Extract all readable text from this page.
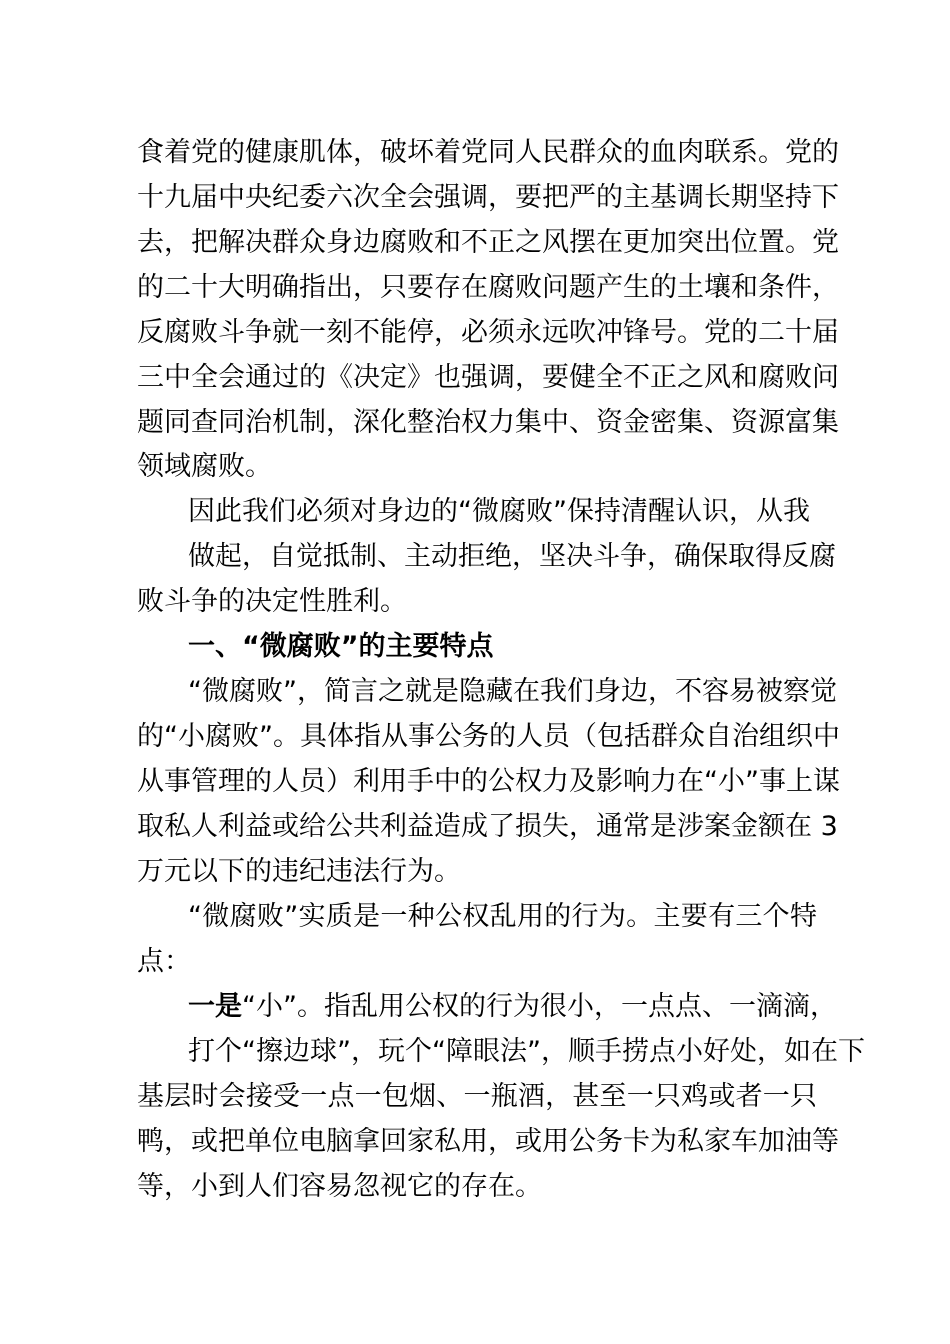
食着党的健康肌体，破坏着党同人民群众的血肉联系。党的
十九届中央纪委六次全会强调，要把严的主基调长期坚持下
去，把解决群众身边腐败和不正之风摆在更加突出位置。党
的二十大明确指出，只要存在腐败问题产生的土壤和条件，
反腐败斗争就一刻不能停，必须永远吹冲锋号。党的二十届
三中全会通过的《决定》也强调，要健全不正之风和腐败问
题同查同治机制，深化整治权力集中、资金密集、资源富集
领域腐败。
因此我们必须对身边的“微腐败”保持清醒认识，从我
做起，自觉抵制、主动拒绝，坚决斗争，确保取得反腐
败斗争的决定性胜利。
一、“微腐败”的主要特点
“微腐败”，简言之就是隐藏在我们身边，不容易被察觉
的“小腐败”。具体指从事公务的人员（包括群众自治组织中
从事管理的人员）利用手中的公权力及影响力在“小”事上谋
取私人利益或给公共利益造成了损失，通常是涉案金额在 3
万元以下的违纪违法行为。
“微腐败”实质是一种公权乱用的行为。主要有三个特
点：
一是“小”。指乱用公权的行为很小，一点点、一滴滴，
打个“擦边球”，玩个“障眼法”，顺手捞点小好处，如在下
基层时会接受一点一包烟、一瓶酒，甚至一只鸡或者一只
鸭，或把单位电脑拿回家私用，或用公务卡为私家车加油等
等，小到人们容易忽视它的存在。
